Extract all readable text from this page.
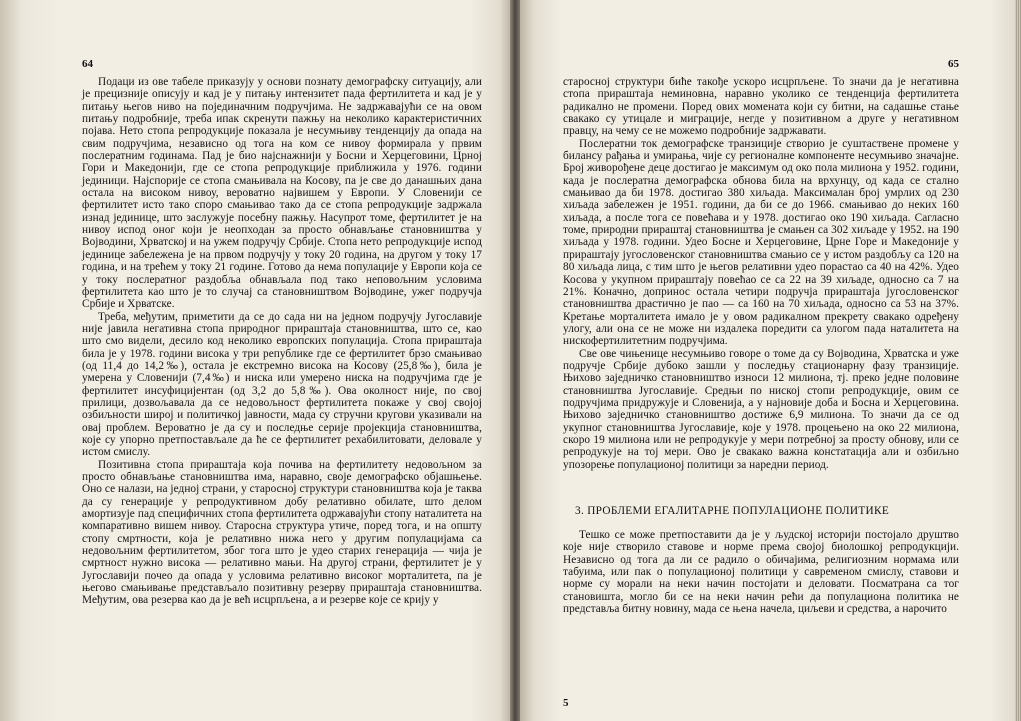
64

Подаци из ове табеле приказују у основи познату демографску ситуацију, али је прецизније описују и кад је у питању интензитет пада фертилитета и кад је у питању његов ниво на појединачним подручјима. Не задржавајући се на овом питању подробније, треба ипак скренути пажњу на неколико карактеристичних појава. Нето стопа репродукције показала је несумњиву тенденцију да опада на свим подручјима, независно од тога на ком се нивоу формирала у првим послератним годинама. Пад је био најснажнији у Босни и Херцеговини, Црној Гори и Македонији, где се стопа репродукције приближила у 1976. години јединици. Најспорије се стопа смањивала на Косову, па је све до данашњих дана остала на високом нивоу, вероватно највишем у Европи. У Словенији се фертилитет исто тако споро смањивао тако да се стопа репродукције задржала изнад јединице, што заслужује посебну пажњу. Насупрот томе, фертилитет је на нивоу испод оног који је неопходан за просто обнављање становништва у Војводини, Хрватској и на ужем подручју Србије. Стопа нето репродукције испод јединице забележена је на првом подручју у току 20 година, на другом у току 17 година, и на трећем у току 21 годинe. Готово да нема популације у Европи која се у току послератног раздобља обнављала под тако неповољним условима фертилитета као што је то случај са становништвом Војводине, ужег подручја Србије и Хрватске.

Треба, међутим, приметити да се до сада ни на једном подручју Југославије није јавила негативна стопа природног прираштаја становништва, што се, као што смо видели, десило код неколико европских популација. Стопа прираштаја била је у 1978. години висока у три републике где се фертилитет брзо смањивао (од 11,4 до 14,2‰), остала је екстремно висока на Косову (25,8‰), била је умерена у Словенији (7,4‰) и ниска или умерено ниска на подручјима где је фертилитет инсуфицијентан (од 3,2 до 5,8‰). Ова околност није, по свој прилици, дозвољавала да се недовољност фертилитета покаже у свој својој озбиљности широј и политичкој јавности, мада су стручни кругови указивали на овај проблем. Вероватно је да су и последње серије пројекција становништва, које су упорно претпостављале да ће се фертилитет рехабилитовати, деловале у истом смислу.

Позитивна стопа прираштаја која почива на фертилитету недовољном за просто обнављање становништва има, наравно, своје демографско објашњење. Оно се налази, на једној страни, у старосној структури становништва која је таква да су генерације у репродуктивном добу релативно обилате, што делом амортизује пад специфичних стопа фертилитета одржавајући стопу наталитета на компаративно вишем нивоу. Старосна структура утиче, поред тога, и на општу стопу смртности, која је релативно нижа него у другим популацијама са недовољним фертилитетом, због тога што је удео старих генерација — чија је смртност нужно висока — релативно мањи. На другој страни, фертилитет је у Југославији почео да опада у условима релативно високог морталитета, па је његово смањивање представљало позитивну резерву прираштаја становништва. Међутим, ова резерва као да је већ исцрпљена, а и резерве које се крију у

65

старосној структури биће такође ускоро исцрпљене. То значи да је негативна стопа прираштаја неминовна, наравно уколико се тенденција фертилитета радикално не промени. Поред ових момената који су битни, на садашње стање свакако су утицале и миграције, негде у позитивном а друге у негативном правцу, на чему се не можемо подробније задржавати.

Послератни ток демографске транзиције створио је суштаствене промене у билансу рађања и умирања, чије су регионалне компоненте несумњиво значајне. Број живорођене деце достигао је максимум од око пола милиона у 1952. години, када је послератна демографска обнова била на врхунцу, од када се стално смањивао да би 1978. достигао 380 хиљада. Максималан број умрлих од 230 хиљада забележен је 1951. години, да би се до 1966. смањивао до неких 160 хиљада, а после тога се повећава и у 1978. достигао око 190 хиљада. Сагласно томе, природни прираштај становништва је смањен са 302 хиљаде у 1952. на 190 хиљада у 1978. години. Удео Босне и Херцеговине, Црне Горе и Македоније у прираштају југословенског становништва смањио се у истом раздобљу са 120 на 80 хиљада лица, с тим што је његов релативни удео порастао са 40 на 42%. Удео Косова у укупном прираштају повећао се са 22 на 39 хиљаде, односно са 7 на 21%. Коначно, допринос остала четири подручја прираштаја југословенског становништва драстично је пао — са 160 на 70 хиљада, односно са 53 на 37%. Кретање морталитета имало је у овом радикалном прекрету свакако одређену улогу, али она се не може ни издалека поредити са улогом пада наталитета на нискофертилитетним подручјима.

Све ове чињенице несумњиво говоре о томе да су Војводина, Хрватска и уже подручје Србије дубоко зашли у последњу стационарну фазу транзиције. Њихово заједничко становништво износи 12 милиона, тј. преко једне половине становништва Југославије. Средњи по ниској стопи репродукције, овим се подручјима придружује и Словенија, а у најновије доба и Босна и Херцеговина. Њихово заједничко становништво достиже 6,9 милиона. То значи да се од укупног становништва Југославије, које у 1978. процењено на око 22 милиона, скоро 19 милиона или не репродукује у мери потребној за просту обнову, или се репродукује на тој мери. Ово је свакако важна констатација али и озбиљно упозорење популационој политици за наредни период.

3. ПРОБЛЕМИ ЕГАЛИТАРНЕ ПОПУЛАЦИОНЕ ПОЛИТИКЕ

Тешко се може претпоставити да је у људској историји постојало друштво које није створило ставове и норме према својој биолошкој репродукцији. Независно од тога да ли се радило о обичајима, религиозним нормама или табуима, или пак о популационој политици у савременом смислу, ставови и норме су морали на неки начин постојати и деловати. Посматрана са тог становишта, могло би се на неки начин рећи да популациона политика не представља битну новину, мада се њена начела, циљеви и средства, а нарочито

5
